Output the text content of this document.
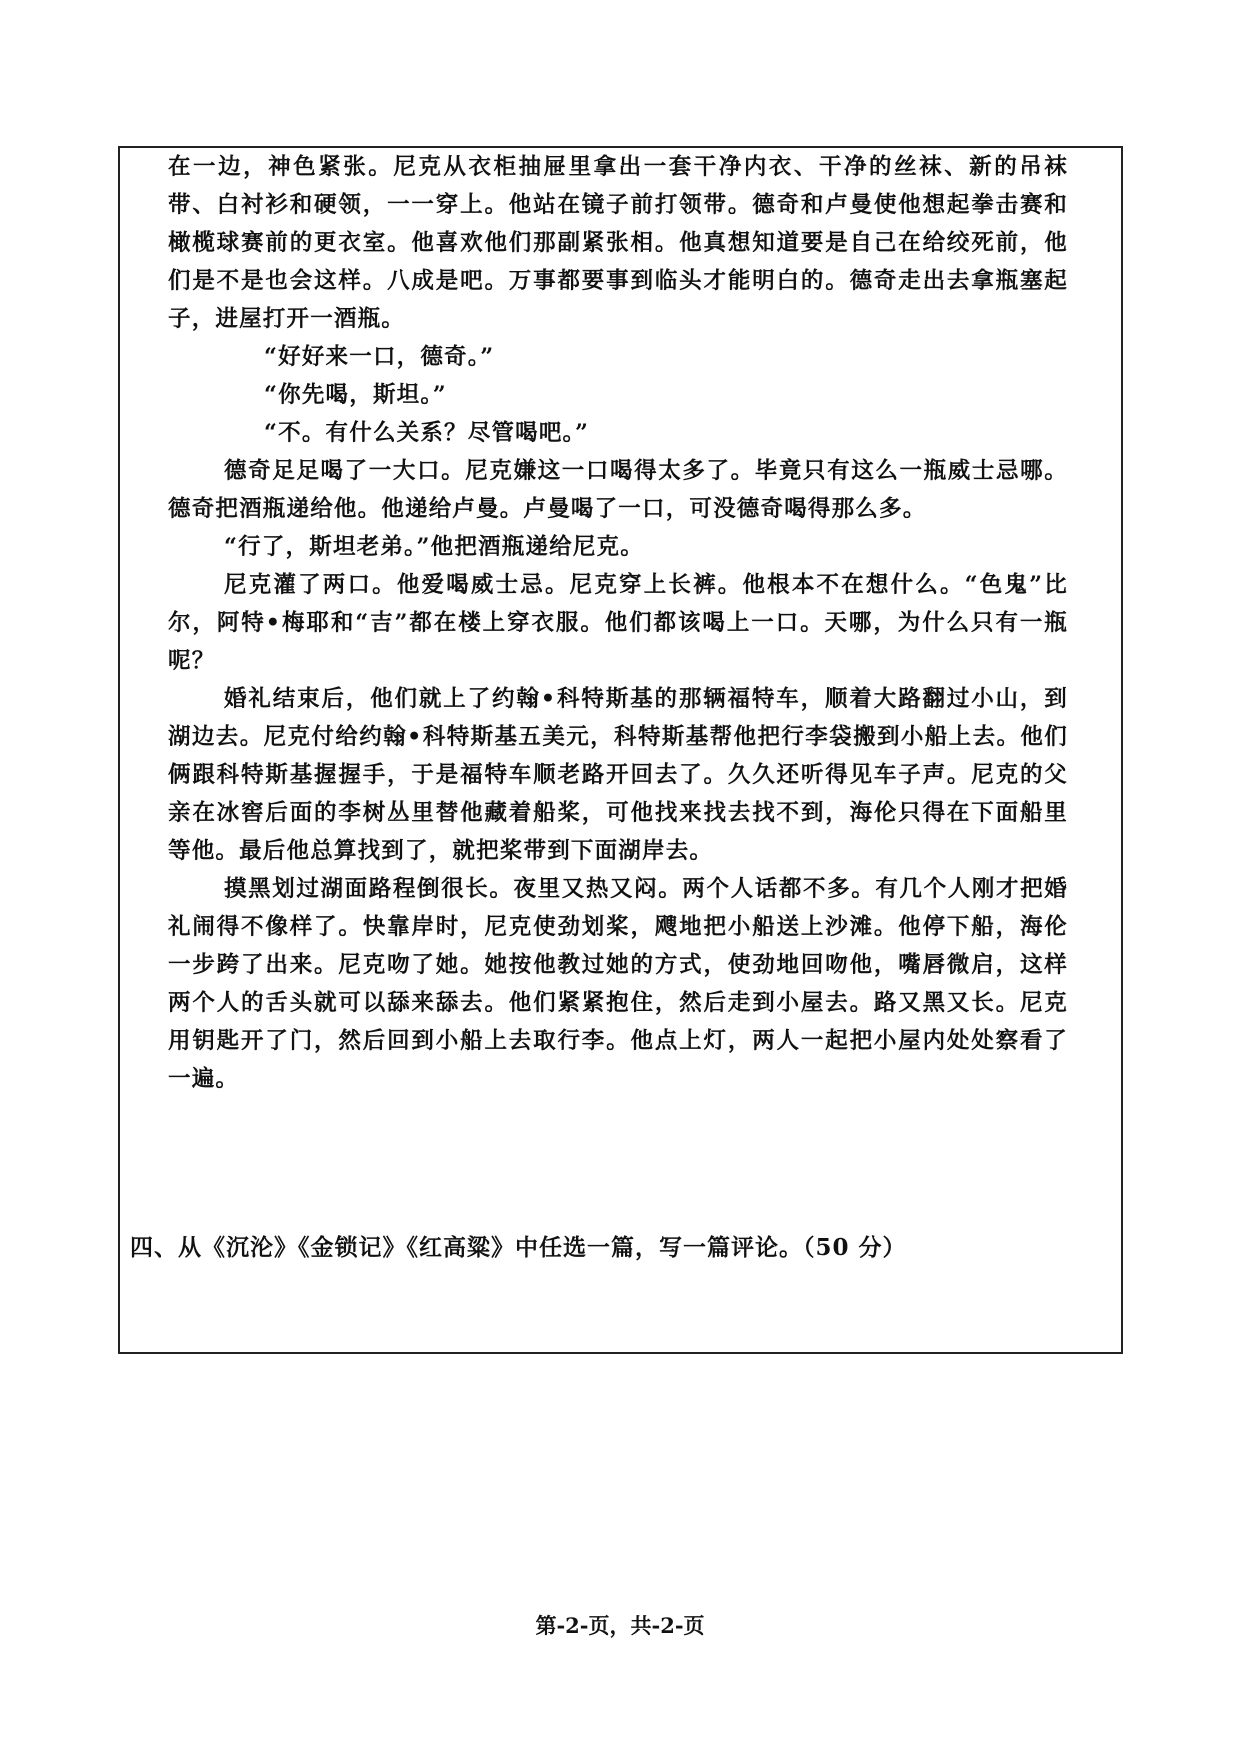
在一边，神色紧张。尼克从衣柜抽屉里拿出一套干净内衣、干净的丝袜、新的吊袜带、白衬衫和硬领，一一穿上。他站在镜子前打领带。德奇和卢曼使他想起拳击赛和橄榄球赛前的更衣室。他喜欢他们那副紧张相。他真想知道要是自己在给绞死前，他们是不是也会这样。八成是吧。万事都要事到临头才能明白的。德奇走出去拿瓶塞起子，进屋打开一酒瓶。

“好好来一口，德奇。”

“你先喝，斯坦。”

“不。有什么关系？尽管喝吧。”

德奇足足喝了一大口。尼克嫌这一口喝得太多了。毕竟只有这么一瓶威士忌哪。德奇把酒瓶递给他。他递给卢曼。卢曼喝了一口，可没德奇喝得那么多。

“行了，斯坦老弟。”他把酒瓶递给尼克。

尼克灌了两口。他爱喝威士忌。尼克穿上长裤。他根本不在想什么。“色鬼”比尔，阿特•梅耶和“吉”都在楼上穿衣服。他们都该喝上一口。天哪，为什么只有一瓶呢？

婚礼结束后，他们就上了约翰•科特斯基的那辆福特车，顺着大路翻过小山，到湖边去。尼克付给约翰•科特斯基五美元，科特斯基帮他把行李袋搬到小船上去。他们俩跟科特斯基握握手，于是福特车顺老路开回去了。久久还听得见车子声。尼克的父亲在冰窖后面的李树丛里替他藏着船桨，可他找来找去找不到，海伦只得在下面船里等他。最后他总算找到了，就把桨带到下面湖岸去。

摸黑划过湖面路程倒很长。夜里又热又闷。两个人话都不多。有几个人刚才把婚礼闹得不像样了。快靠岸时，尼克使劲划桨，飕地把小船送上沙滩。他停下船，海伦一步跨了出来。尼克吻了她。她按他教过她的方式，使劲地回吻他，嘴唇微启，这样两个人的舌头就可以舔来舔去。他们紧紧抱住，然后走到小屋去。路又黑又长。尼克用钥匙开了门，然后回到小船上去取行李。他点上灯，两人一起把小屋内处处察看了一遍。

四、从《沉沦》《金锁记》《红高粱》中任选一篇，写一篇评论。（50 分）

第-2-页，共-2-页
